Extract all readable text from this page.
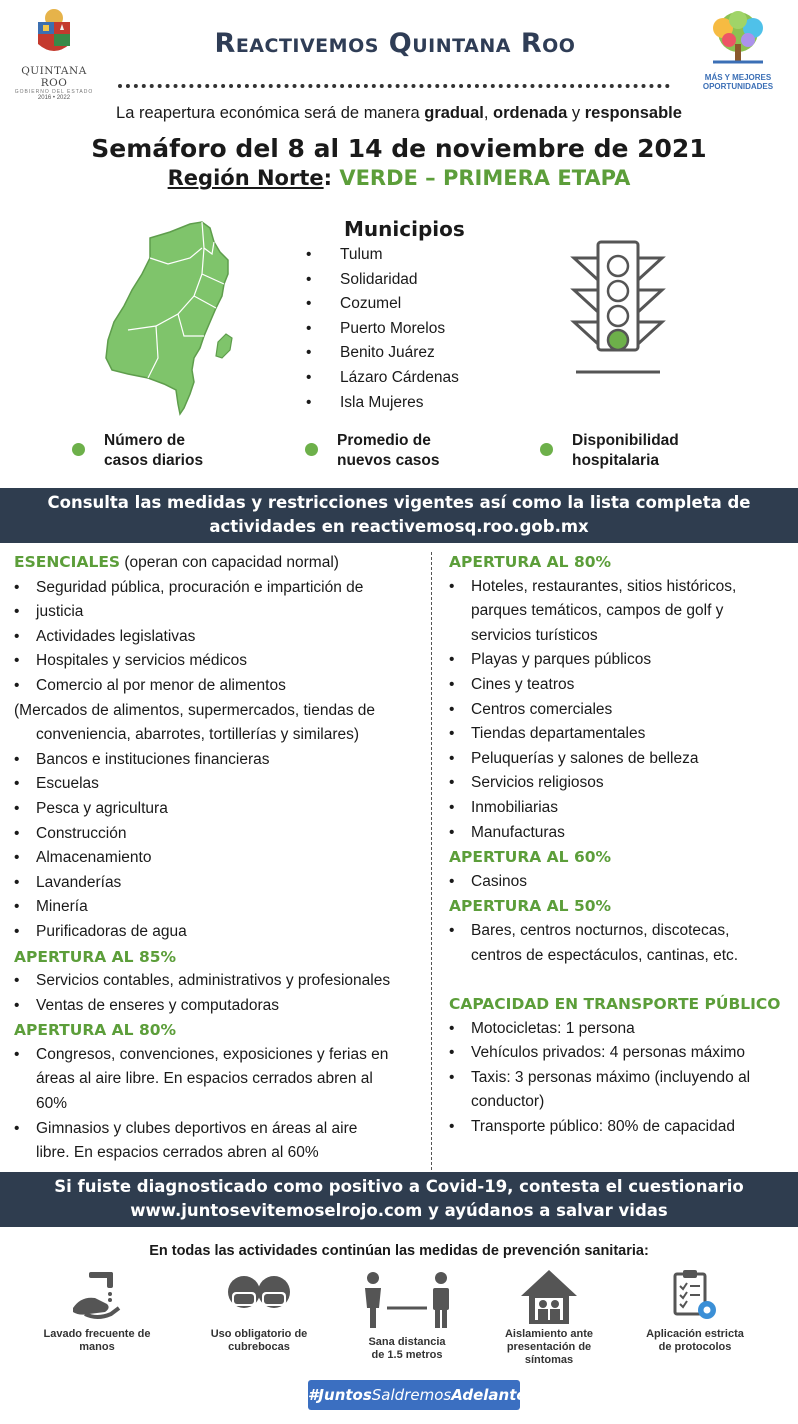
QUINTANA ROO
GOBIERNO DEL ESTADO
2016 • 2022
Reactivemos Quintana Roo
MÁS Y MEJORES
OPORTUNIDADES
La reapertura económica será de manera gradual, ordenada y responsable
Semáforo del 8 al 14 de noviembre de 2021
Región Norte: VERDE – PRIMERA ETAPA
Municipios
• Tulum
• Solidaridad
• Cozumel
• Puerto Morelos
• Benito Juárez
• Lázaro Cárdenas
• Isla Mujeres
Número de
casos diarios
Promedio de
nuevos casos
Disponibilidad
hospitalaria
Consulta las medidas y restricciones vigentes así como la lista completa de
actividades en reactivemosq.roo.gob.mx
ESENCIALES (operan con capacidad normal)
• Seguridad pública, procuración e impartición de
• justicia
• Actividades legislativas
• Hospitales y servicios médicos
• Comercio al por menor de alimentos
(Mercados de alimentos, supermercados, tiendas de
conveniencia, abarrotes, tortillerías y similares)
• Bancos e instituciones financieras
• Escuelas
• Pesca y agricultura
• Construcción
• Almacenamiento
• Lavanderías
• Minería
• Purificadoras de agua
APERTURA AL 85%
• Servicios contables, administrativos y profesionales
• Ventas de enseres y computadoras
APERTURA AL 80%
• Congresos, convenciones, exposiciones y ferias en
áreas al aire libre. En espacios cerrados abren al
60%
• Gimnasios y clubes deportivos en áreas al aire
libre. En espacios cerrados abren al 60%
APERTURA AL 80%
• Hoteles, restaurantes, sitios históricos,
parques temáticos, campos de golf y
servicios turísticos
• Playas y parques públicos
• Cines y teatros
• Centros comerciales
• Tiendas departamentales
• Peluquerías y salones de belleza
• Servicios religiosos
• Inmobiliarias
• Manufacturas
APERTURA AL 60%
• Casinos
APERTURA AL 50%
• Bares, centros nocturnos, discotecas,
centros de espectáculos, cantinas, etc.
CAPACIDAD EN TRANSPORTE PÚBLICO
• Motocicletas: 1 persona
• Vehículos privados: 4 personas máximo
• Taxis: 3 personas máximo (incluyendo al
conductor)
• Transporte público: 80% de capacidad
Si fuiste diagnosticado como positivo a Covid-19, contesta el cuestionario
www.juntosevitemoselrojo.com y ayúdanos a salvar vidas
En todas las actividades continúan las medidas de prevención sanitaria:
Lavado frecuente de
manos
Uso obligatorio de
cubrebocas	Sana distancia
de 1.5 metros
Aislamiento ante
presentación de
síntomas
Aplicación estricta
de protocolos
#JuntosSaldremosAdelante
